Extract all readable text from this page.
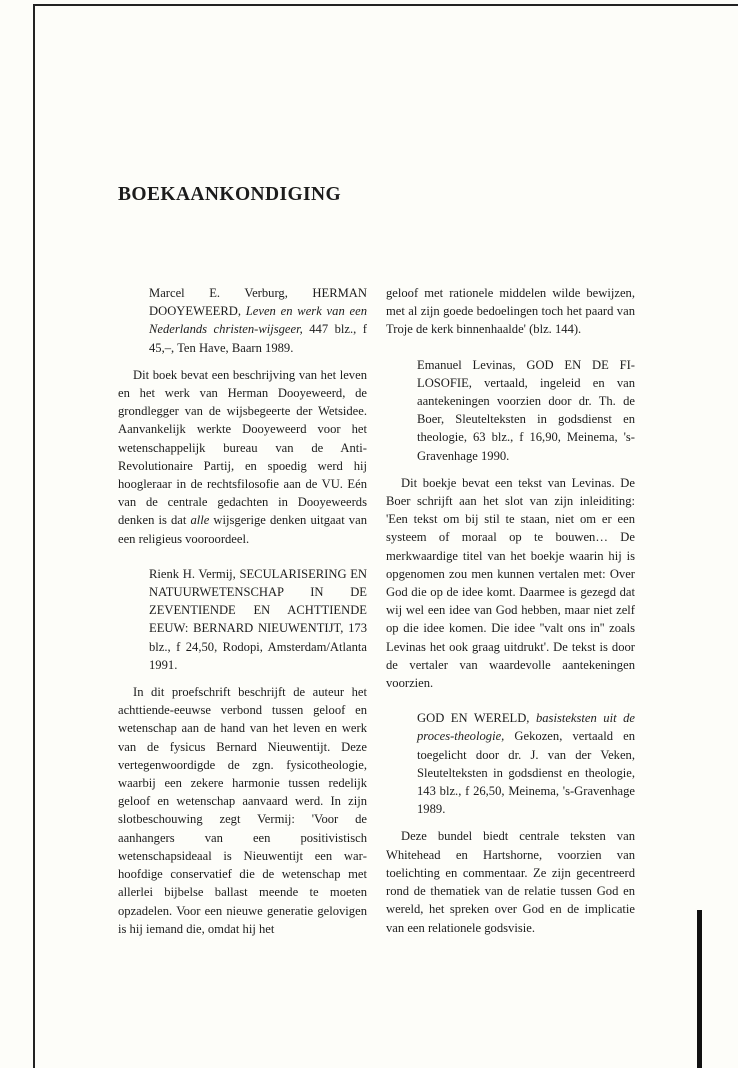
BOEKAANKONDIGING

Marcel E. Verburg, HERMAN DOOYEWEERD, Leven en werk van een Nederlands christen-wijsgeer, 447 blz., f 45,–, Ten Have, Baarn 1989.

Dit boek bevat een beschrijving van het leven en het werk van Herman Dooyeweerd, de grondlegger van de wijsbegeerte der Wetsidee. Aanvankelijk werkte Dooyeweerd voor het wetenschappelijk bureau van de Anti-Revolutionaire Partij, en spoedig werd hij hoogleraar in de rechtsfilosofie aan de VU. Eén van de centrale gedachten in Dooyeweerds denken is dat alle wijsgerige denken uitgaat van een religieus vooroordeel.

Rienk H. Vermij, SECULARISERING EN NATUURWETENSCHAP IN DE ZEVENTIENDE EN ACHTTIENDE EEUW: BERNARD NIEUWENTIJT, 173 blz., f 24,50, Rodopi, Amsterdam/Atlanta 1991.

In dit proefschrift beschrijft de auteur het achttiende-eeuwse verbond tussen geloof en wetenschap aan de hand van het leven en werk van de fysicus Bernard Nieuwentijt. Deze vertegenwoordigde de zgn. fysicotheologie, waarbij een zekere harmonie tussen redelijk geloof en wetenschap aanvaard werd. In zijn slotbeschouwing zegt Vermij: 'Voor de aanhangers van een positivistisch wetenschapsideaal is Nieuwentijt een warhoofdige conservatief die de wetenschap met allerlei bijbelse ballast meende te moeten opzadelen. Voor een nieuwe generatie gelovigen is hij iemand die, omdat hij het

geloof met rationele middelen wilde bewijzen, met al zijn goede bedoelingen toch het paard van Troje de kerk binnenhaalde' (blz. 144).

Emanuel Levinas, GOD EN DE FILOSOFIE, vertaald, ingeleid en van aantekeningen voorzien door dr. Th. de Boer, Sleutelteksten in godsdienst en theologie, 63 blz., f 16,90, Meinema, 's-Gravenhage 1990.

Dit boekje bevat een tekst van Levinas. De Boer schrijft aan het slot van zijn inleiditing: 'Een tekst om bij stil te staan, niet om er een systeem of moraal op te bouwen… De merkwaardige titel van het boekje waarin hij is opgenomen zou men kunnen vertalen met: Over God die op de idee komt. Daarmee is gezegd dat wij wel een idee van God hebben, maar niet zelf op die idee komen. Die idee ''valt ons in'' zoals Levinas het ook graag uitdrukt'. De tekst is door de vertaler van waardevolle aantekeningen voorzien.

GOD EN WERELD, basisteksten uit de proces-theologie, Gekozen, vertaald en toegelicht door dr. J. van der Veken, Sleutelteksten in godsdienst en theologie, 143 blz., f 26,50, Meinema, 's-Gravenhage 1989.

Deze bundel biedt centrale teksten van Whitehead en Hartshorne, voorzien van toelichting en commentaar. Ze zijn gecentreerd rond de thematiek van de relatie tussen God en wereld, het spreken over God en de implicatie van een relationele godsvisie.
